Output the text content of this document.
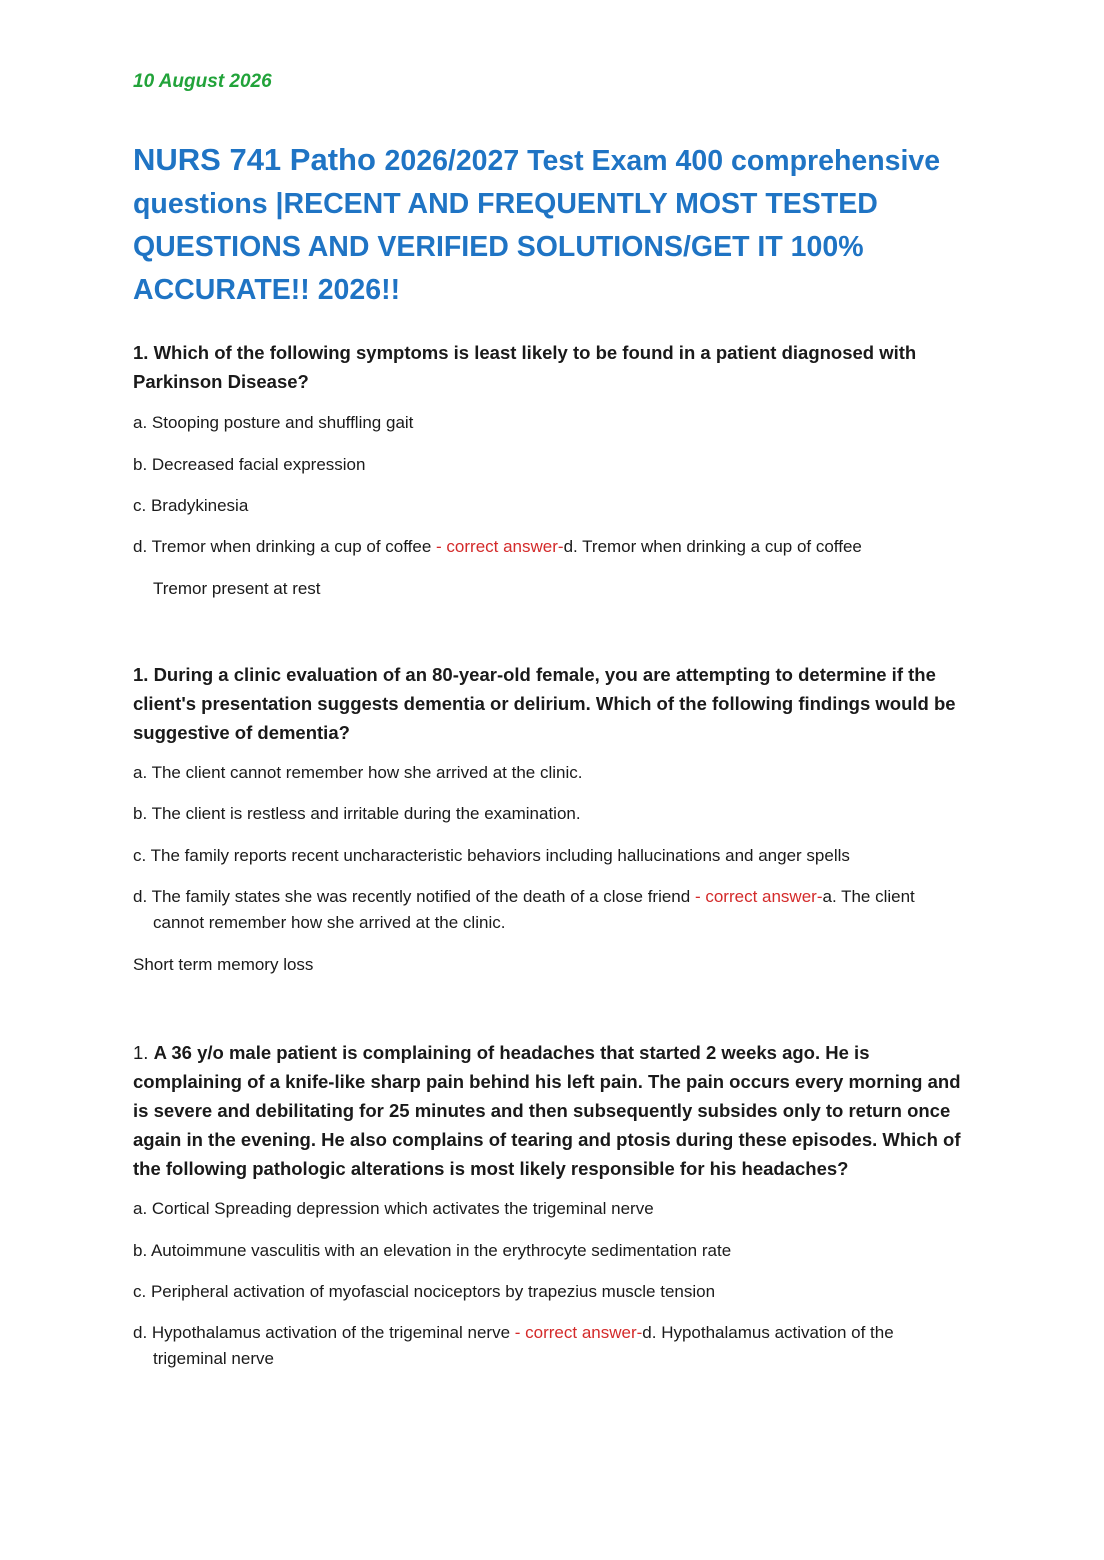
10 August 2026
NURS 741 Patho 2026/2027 Test Exam 400 comprehensive questions |RECENT AND FREQUENTLY MOST TESTED QUESTIONS AND VERIFIED SOLUTIONS/GET IT 100% ACCURATE!! 2026!!

1. Which of the following symptoms is least likely to be found in a patient diagnosed with Parkinson Disease?

a. Stooping posture and shuffling gait

b. Decreased facial expression

c. Bradykinesia

d. Tremor when drinking a cup of coffee - correct answer-d. Tremor when drinking a cup of coffee

Tremor present at rest

1. During a clinic evaluation of an 80-year-old female, you are attempting to determine if the client's presentation suggests dementia or delirium. Which of the following findings would be suggestive of dementia?

a. The client cannot remember how she arrived at the clinic.

b. The client is restless and irritable during the examination.

c. The family reports recent uncharacteristic behaviors including hallucinations and anger spells

d. The family states she was recently notified of the death of a close friend - correct answer-a. The client cannot remember how she arrived at the clinic.

Short term memory loss

1. A 36 y/o male patient is complaining of headaches that started 2 weeks ago. He is complaining of a knife-like sharp pain behind his left pain. The pain occurs every morning and is severe and debilitating for 25 minutes and then subsequently subsides only to return once again in the evening. He also complains of tearing and ptosis during these episodes. Which of the following pathologic alterations is most likely responsible for his headaches?

a. Cortical Spreading depression which activates the trigeminal nerve

b. Autoimmune vasculitis with an elevation in the erythrocyte sedimentation rate

c. Peripheral activation of myofascial nociceptors by trapezius muscle tension

d. Hypothalamus activation of the trigeminal nerve - correct answer-d. Hypothalamus activation of the trigeminal nerve
